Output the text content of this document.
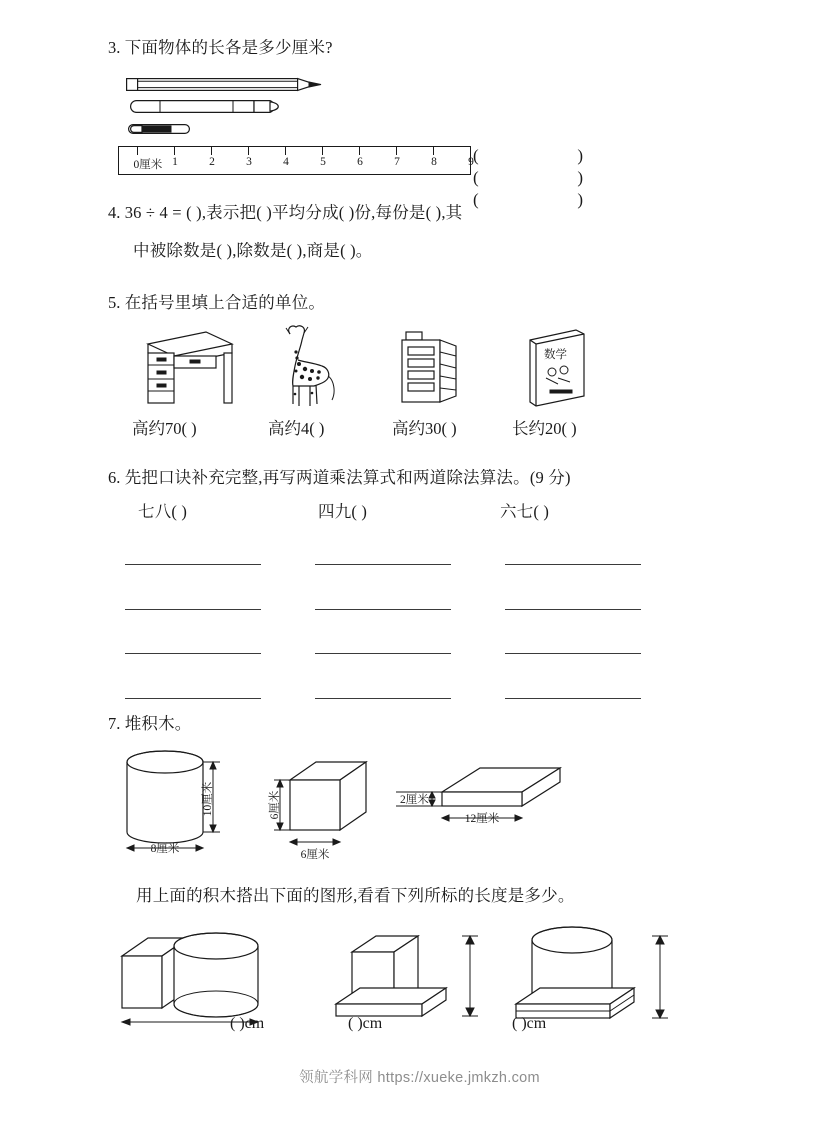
3. 下面物体的长各是多少厘米?
0厘米 1	2	3	4	5	6	7	8	9 (	)
(	)
(	)
4. 36 ÷ 4 = ( ),表示把( )平均分成( )份,每份是( ),其
中被除数是( ),除数是( ),商是( )。
5. 在括号里填上合适的单位。
数学
高约70( )	高约4( )	高约30( )	长约20( )
6. 先把口诀补充完整,再写两道乘法算式和两道除法算法。(9 分)
七八( )	四九( )	六七( )
7. 堆积木。
10厘米
8厘米
6厘米
6厘米
2厘米
12厘米
用上面的积木搭出下面的图形,看看下列所标的长度是多少。
( )cm	( )cm	( )cm
领航学科网 https://xueke.jmkzh.com
